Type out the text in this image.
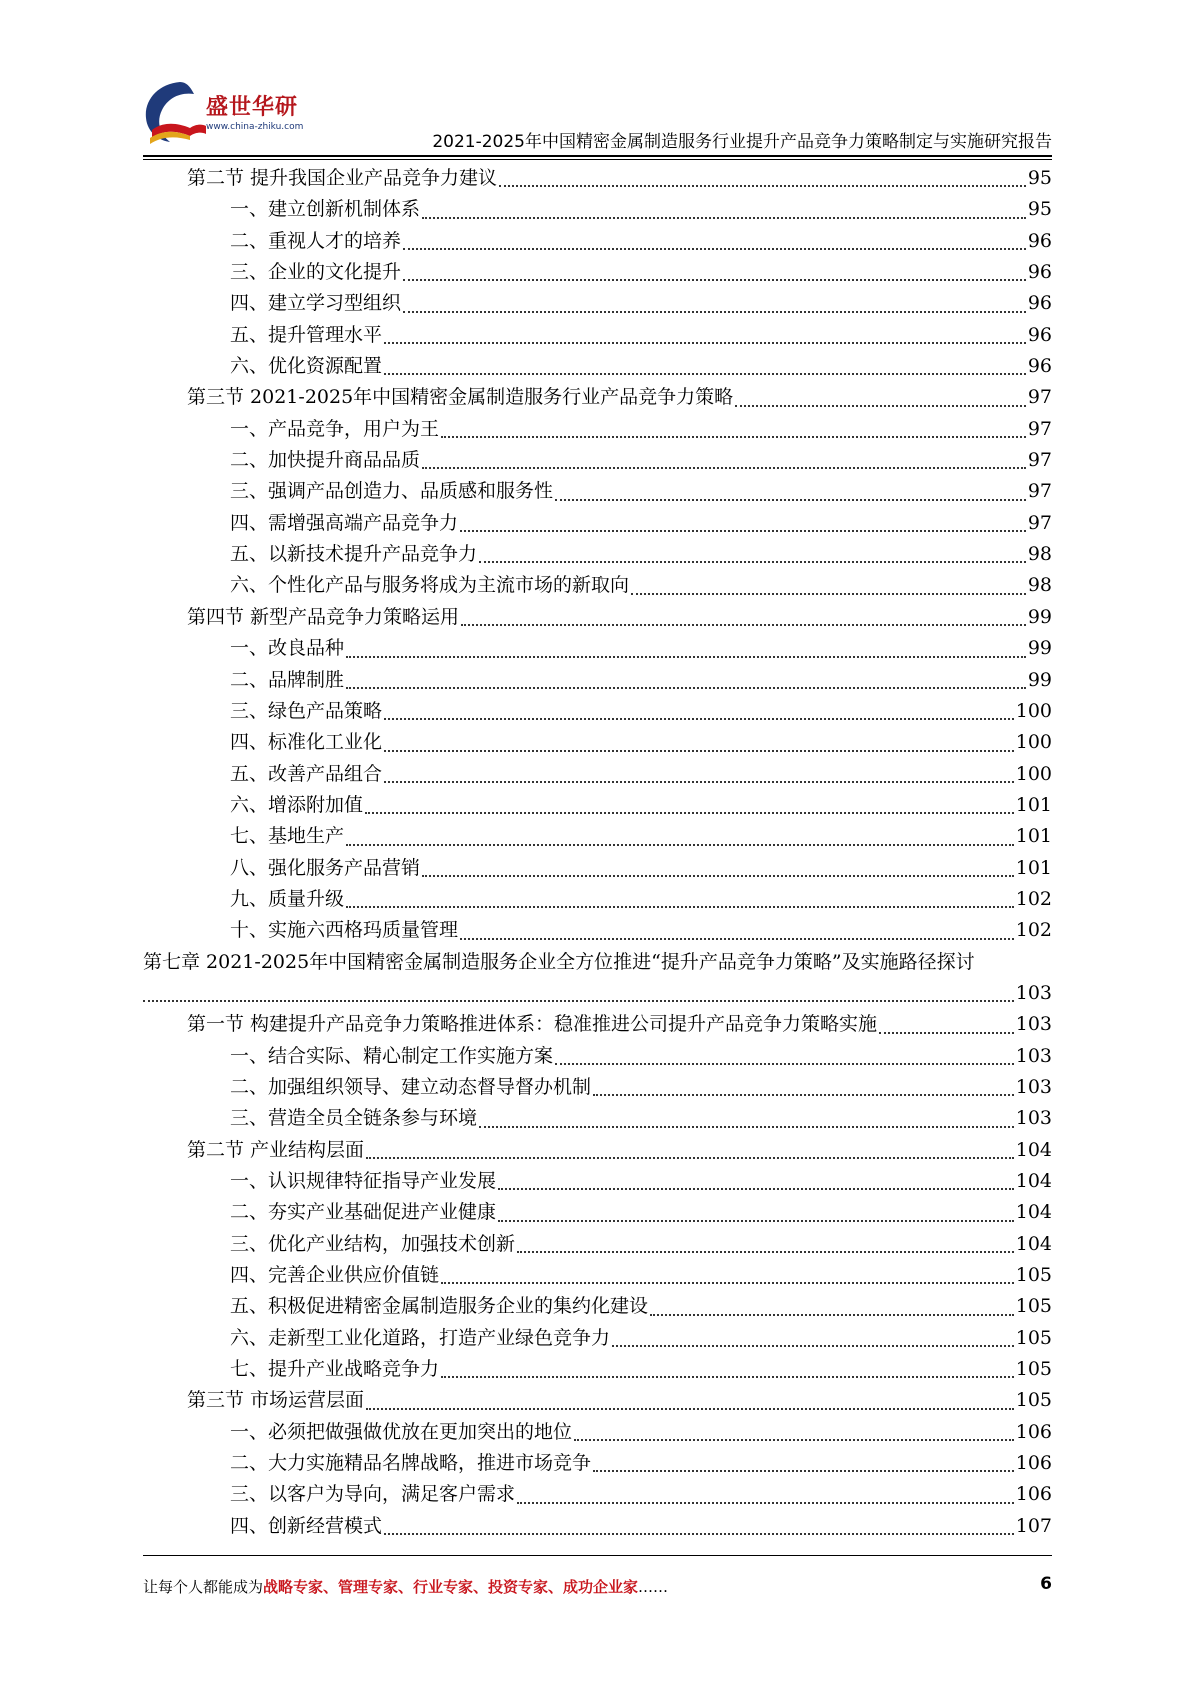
盛世华研
www.china-zhiku.com
2021-2025年中国精密金属制造服务行业提升产品竞争力策略制定与实施研究报告
第二节 提升我国企业产品竞争力建议	95
一、建立创新机制体系	95
二、重视人才的培养	96
三、企业的文化提升	96
四、建立学习型组织	96
五、提升管理水平	96
六、优化资源配置	96
第三节 2021-2025年中国精密金属制造服务行业产品竞争力策略	97
一、产品竞争，用户为王	97
二、加快提升商品品质	97
三、强调产品创造力、品质感和服务性	97
四、需增强高端产品竞争力	97
五、以新技术提升产品竞争力	98
六、个性化产品与服务将成为主流市场的新取向	98
第四节 新型产品竞争力策略运用	99
一、改良品种	99
二、品牌制胜	99
三、绿色产品策略	100
四、标准化工业化	100
五、改善产品组合	100
六、增添附加值	101
七、基地生产	101
八、强化服务产品营销	101
九、质量升级	102
十、实施六西格玛质量管理	102
第七章 2021-2025年中国精密金属制造服务企业全方位推进“提升产品竞争力策略”及实施路径探讨
103
第一节 构建提升产品竞争力策略推进体系：稳准推进公司提升产品竞争力策略实施	103
一、结合实际、精心制定工作实施方案	103
二、加强组织领导、建立动态督导督办机制	103
三、营造全员全链条参与环境	103
第二节 产业结构层面	104
一、认识规律特征指导产业发展	104
二、夯实产业基础促进产业健康	104
三、优化产业结构，加强技术创新	104
四、完善企业供应价值链	105
五、积极促进精密金属制造服务企业的集约化建设	105
六、走新型工业化道路，打造产业绿色竞争力	105
七、提升产业战略竞争力	105
第三节 市场运营层面	105
一、必须把做强做优放在更加突出的地位	106
二、大力实施精品名牌战略，推进市场竞争	106
三、以客户为导向，满足客户需求	106
四、创新经营模式	107
让每个人都能成为战略专家、管理专家、行业专家、投资专家、成功企业家……	6
